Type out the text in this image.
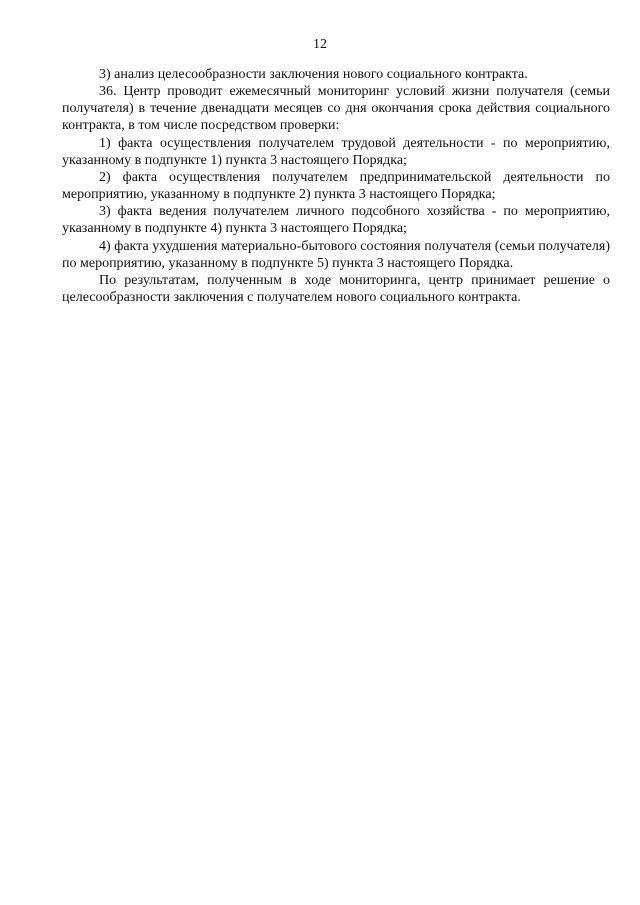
12

3) анализ целесообразности заключения нового социального контракта.

36. Центр проводит ежемесячный мониторинг условий жизни получателя (семьи получателя) в течение двенадцати месяцев со дня окончания срока действия социального контракта, в том числе посредством проверки:

1) факта осуществления получателем трудовой деятельности - по мероприятию, указанному в подпункте 1) пункта 3 настоящего Порядка;

2) факта осуществления получателем предпринимательской деятельности по мероприятию, указанному в подпункте 2) пункта 3 настоящего Порядка;

3) факта ведения получателем личного подсобного хозяйства - по мероприятию, указанному в подпункте 4) пункта 3 настоящего Порядка;

4) факта ухудшения материально-бытового состояния получателя (семьи получателя) по мероприятию, указанному в подпункте 5) пункта 3 настоящего Порядка.

По результатам, полученным в ходе мониторинга, центр принимает решение о целесообразности заключения с получателем нового социального контракта.
